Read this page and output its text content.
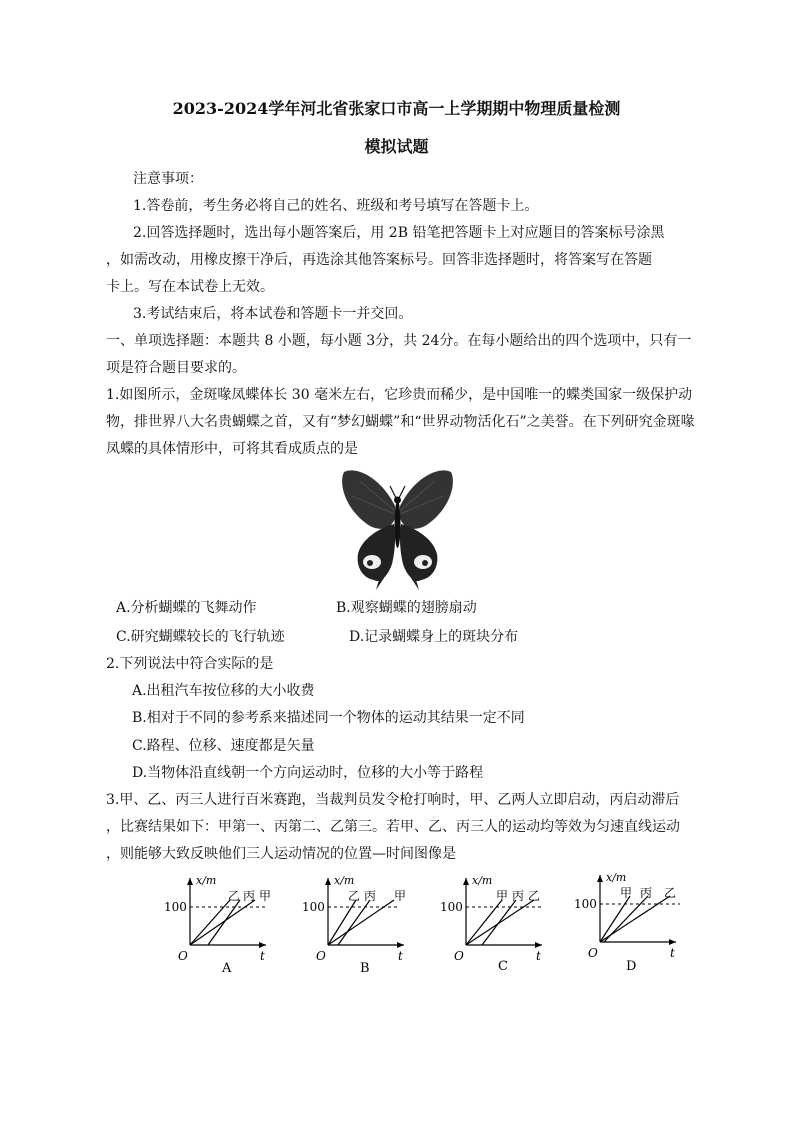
2023-2024学年河北省张家口市高一上学期期中物理质量检测
模拟试题
注意事项：
1.答卷前，考生务必将自己的姓名、班级和考号填写在答题卡上。
2.回答选择题时，选出每小题答案后，用 2B 铅笔把答题卡上对应题目的答案标号涂黑
，如需改动，用橡皮擦干净后，再选涂其他答案标号。回答非选择题时，将答案写在答题
卡上。写在本试卷上无效。
3.考试结束后，将本试卷和答题卡一并交回。
一、单项选择题：本题共 8 小题，每小题 3分，共 24分。在每小题给出的四个选项中，只有一
项是符合题目要求的。
1.如图所示，金斑喙凤蝶体长 30 毫米左右，它珍贵而稀少，是中国唯一的蝶类国家一级保护动
物，排世界八大名贵蝴蝶之首，又有“梦幻蝴蝶”和“世界动物活化石”之美誉。在下列研究金斑喙
凤蝶的具体情形中，可将其看成质点的是
A.分析蝴蝶的飞舞动作	B.观察蝴蝶的翅膀扇动
C.研究蝴蝶较长的飞行轨迹	D.记录蝴蝶身上的斑块分布
2.下列说法中符合实际的是
A.出租汽车按位移的大小收费
B.相对于不同的参考系来描述同一个物体的运动其结果一定不同
C.路程、位移、速度都是矢量
D.当物体沿直线朝一个方向运动时，位移的大小等于路程
3.甲、乙、丙三人进行百米赛跑，当裁判员发令枪打响时，甲、乙两人立即启动，丙启动滞后
，比赛结果如下：甲第一、丙第二、乙第三。若甲、乙、丙三人的运动均等效为匀速直线运动
，则能够大致反映他们三人运动情况的位置—时间图像是
乙 丙 甲
100
x/m
t
O
A
乙 丙 甲
100
x/m
t
O
B
甲 丙 乙
100
x/m
t
O
C
甲 丙 乙
100
x/m
t
O
D
